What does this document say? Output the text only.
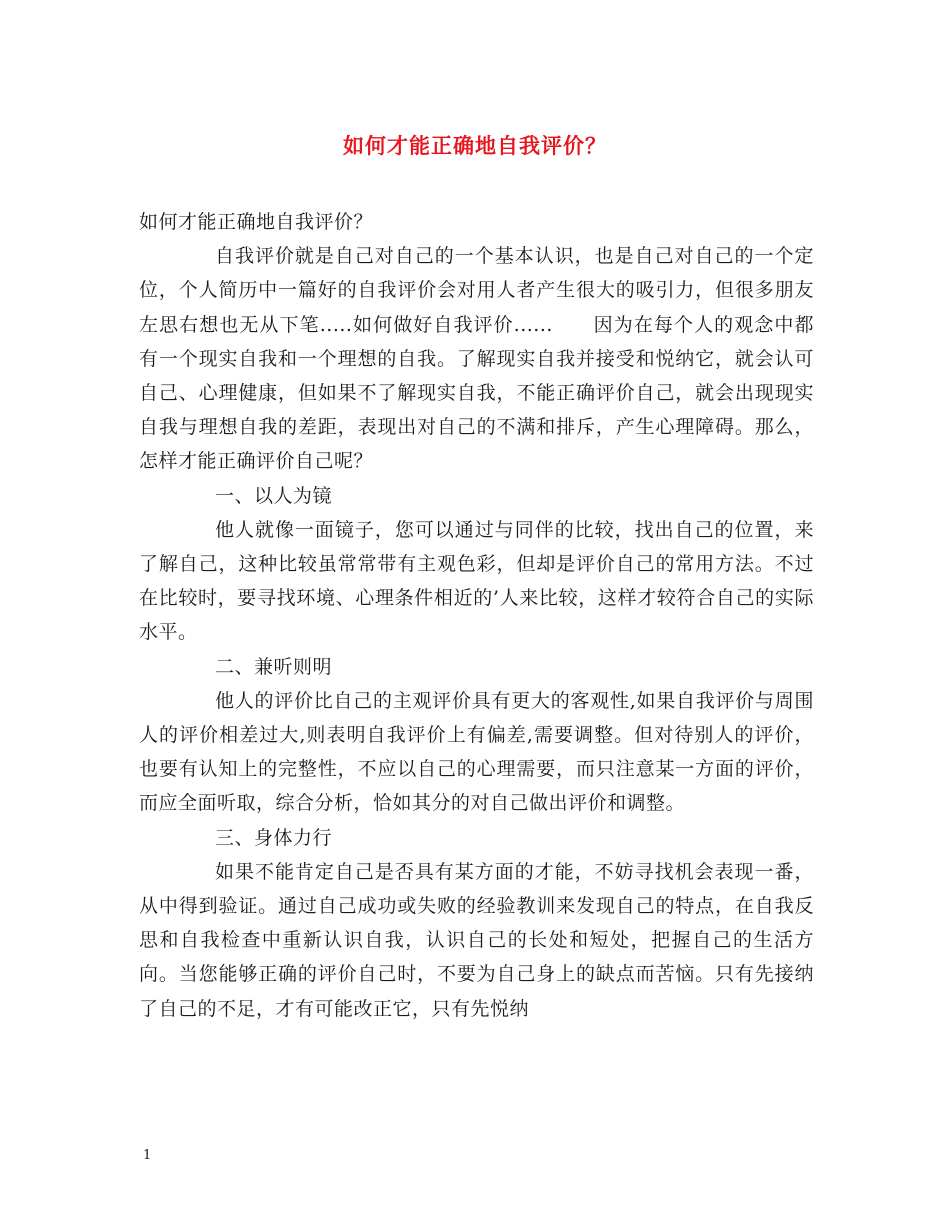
如何才能正确地自我评价？

如何才能正确地自我评价？

自我评价就是自己对自己的一个基本认识，也是自己对自己的一个定位，个人简历中一篇好的自我评价会对用人者产生很大的吸引力，但很多朋友左思右想也无从下笔.....如何做好自我评价......　　因为在每个人的观念中都有一个现实自我和一个理想的自我。了解现实自我并接受和悦纳它，就会认可自己、心理健康，但如果不了解现实自我，不能正确评价自己，就会出现现实自我与理想自我的差距，表现出对自己的不满和排斥，产生心理障碍。那么，怎样才能正确评价自己呢？

一、以人为镜

他人就像一面镜子，您可以通过与同伴的比较，找出自己的位置，来了解自己，这种比较虽常常带有主观色彩，但却是评价自己的常用方法。不过在比较时，要寻找环境、心理条件相近的’人来比较，这样才较符合自己的实际水平。

二、兼听则明

他人的评价比自己的主观评价具有更大的客观性,如果自我评价与周围人的评价相差过大,则表明自我评价上有偏差,需要调整。但对待别人的评价，也要有认知上的完整性，不应以自己的心理需要，而只注意某一方面的评价，而应全面听取，综合分析，恰如其分的对自己做出评价和调整。

三、身体力行

如果不能肯定自己是否具有某方面的才能，不妨寻找机会表现一番，从中得到验证。通过自己成功或失败的经验教训来发现自己的特点，在自我反思和自我检查中重新认识自我，认识自己的长处和短处，把握自己的生活方向。当您能够正确的评价自己时，不要为自己身上的缺点而苦恼。只有先接纳了自己的不足，才有可能改正它，只有先悦纳

1
